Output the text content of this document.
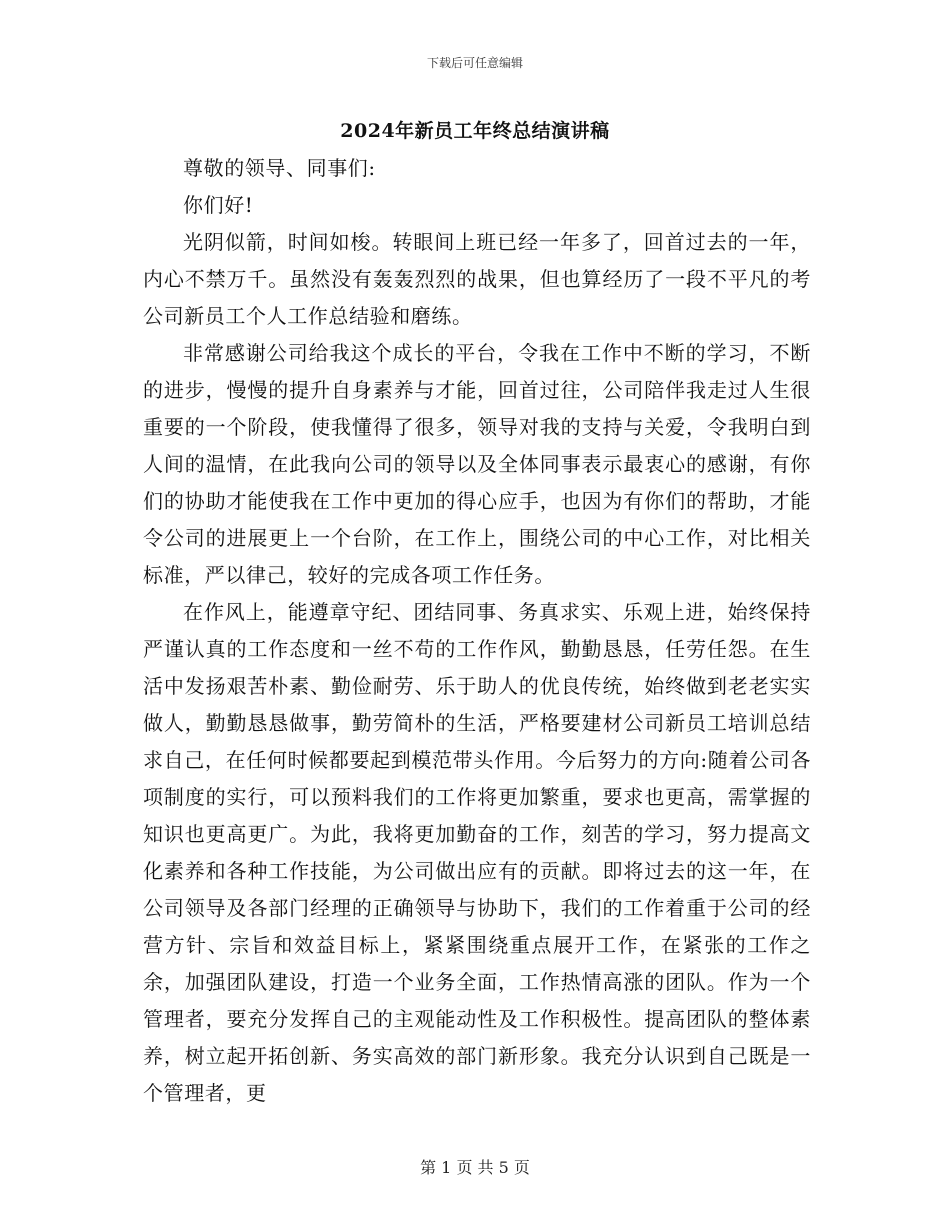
下载后可任意编辑
2024年新员工年终总结演讲稿

尊敬的领导、同事们:

你们好!

光阴似箭，时间如梭。转眼间上班已经一年多了，回首过去的一年，内心不禁万千。虽然没有轰轰烈烈的战果，但也算经历了一段不平凡的考公司新员工个人工作总结验和磨练。

非常感谢公司给我这个成长的平台，令我在工作中不断的学习，不断的进步，慢慢的提升自身素养与才能，回首过往，公司陪伴我走过人生很重要的一个阶段，使我懂得了很多，领导对我的支持与关爱，令我明白到人间的温情，在此我向公司的领导以及全体同事表示最衷心的感谢，有你们的协助才能使我在工作中更加的得心应手，也因为有你们的帮助，才能令公司的进展更上一个台阶，在工作上，围绕公司的中心工作，对比相关标准，严以律己，较好的完成各项工作任务。

在作风上，能遵章守纪、团结同事、务真求实、乐观上进，始终保持严谨认真的工作态度和一丝不苟的工作作风，勤勤恳恳，任劳任怨。在生活中发扬艰苦朴素、勤俭耐劳、乐于助人的优良传统，始终做到老老实实做人，勤勤恳恳做事，勤劳简朴的生活，严格要建材公司新员工培训总结求自己，在任何时候都要起到模范带头作用。今后努力的方向:随着公司各项制度的实行，可以预料我们的工作将更加繁重，要求也更高，需掌握的知识也更高更广。为此，我将更加勤奋的工作，刻苦的学习，努力提高文化素养和各种工作技能，为公司做出应有的贡献。即将过去的这一年，在公司领导及各部门经理的正确领导与协助下，我们的工作着重于公司的经营方针、宗旨和效益目标上，紧紧围绕重点展开工作，在紧张的工作之余，加强团队建设，打造一个业务全面，工作热情高涨的团队。作为一个管理者，要充分发挥自己的主观能动性及工作积极性。提高团队的整体素养，树立起开拓创新、务实高效的部门新形象。我充分认识到自己既是一个管理者，更

第 1 页 共 5 页
